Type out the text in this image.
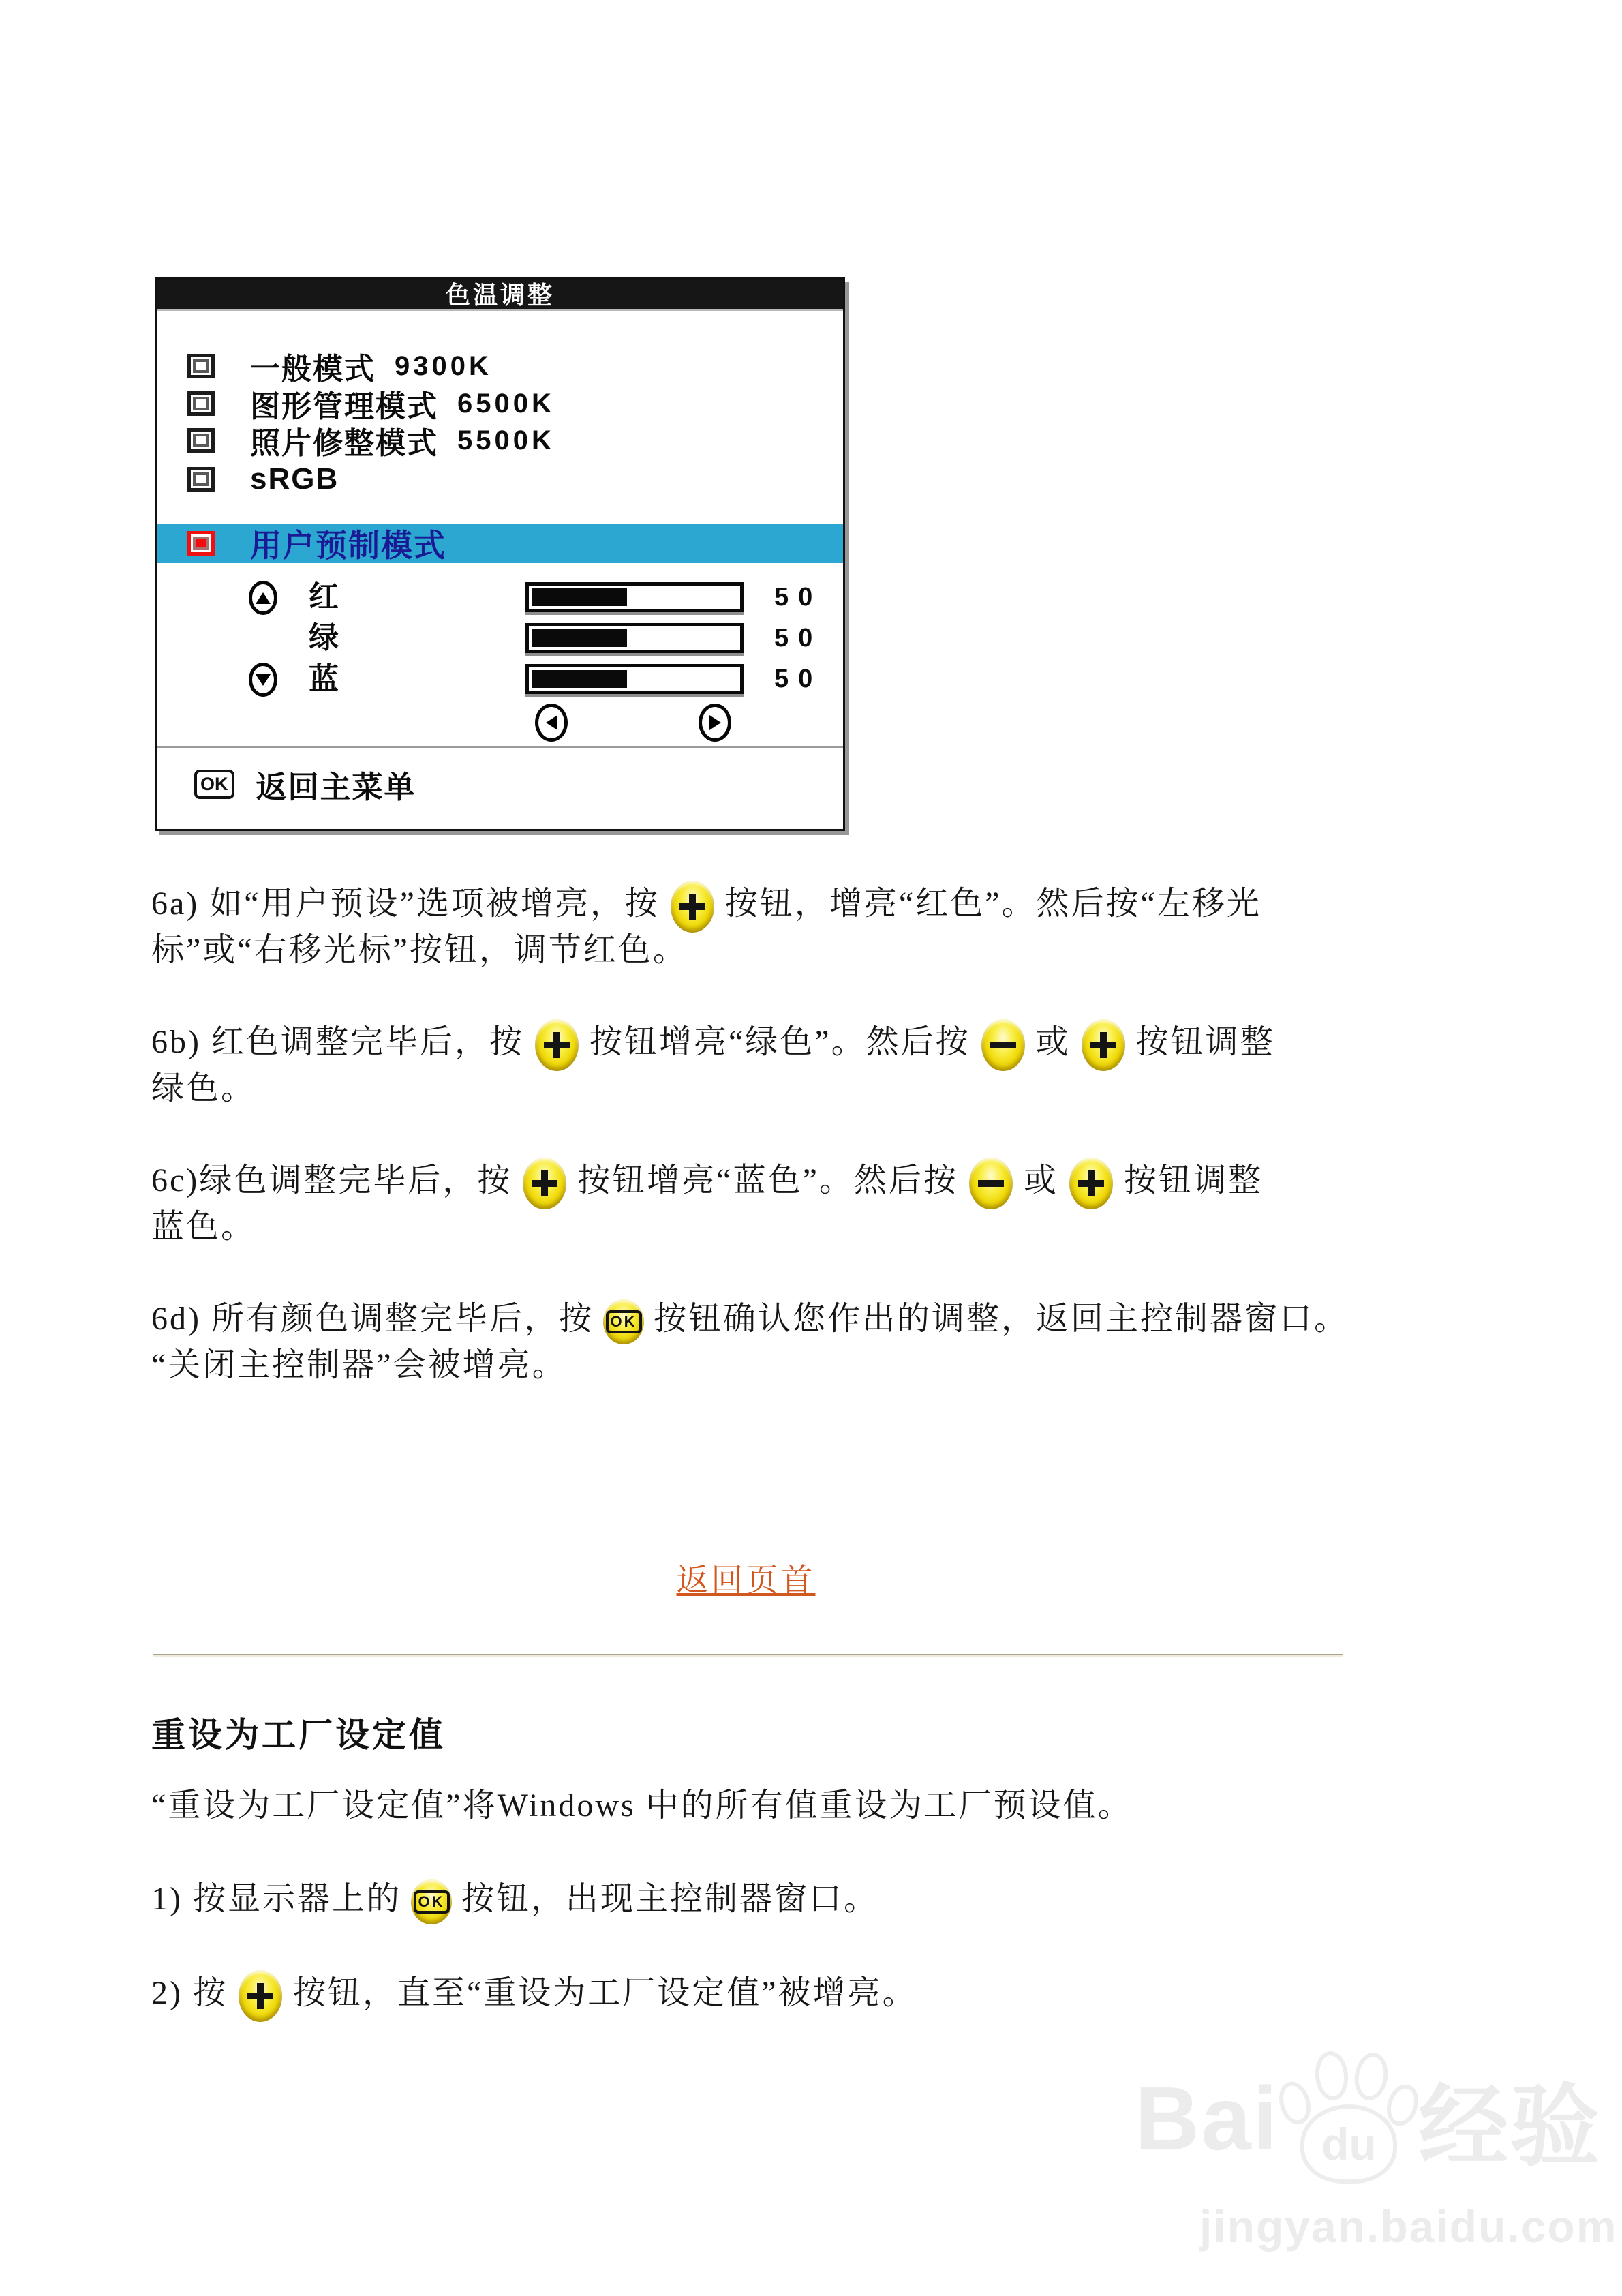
色温调整
一般模式 9300K
图形管理模式 6500K
照片修整模式 5500K
sRGB
用户预制模式
红	50
绿	50
蓝	50
OK 返回主菜单

6a) 如“用户预设”选项被增亮，按 按钮，增亮“红色”。然后按“左移光
标”或“右移光标”按钮，调节红色。

6b) 红色调整完毕后，按 按钮增亮“绿色”。然后按 或 按钮调整
绿色。

6c)绿色调整完毕后，按 按钮增亮“蓝色”。然后按 或 按钮调整
蓝色。

6d) 所有颜色调整完毕后，按	OK 按钮确认您作出的调整，返回主控制器窗口。
“关闭主控制器”会被增亮。

返回页首
重设为工厂设定值
“重设为工厂设定值”将Windows 中的所有值重设为工厂预设值。
1) 按显示器上的	OK 按钮，出现主控制器窗口。
2) 按 按钮，直至“重设为工厂设定值”被增亮。
Bai du 经验
jingyan.baidu.com
